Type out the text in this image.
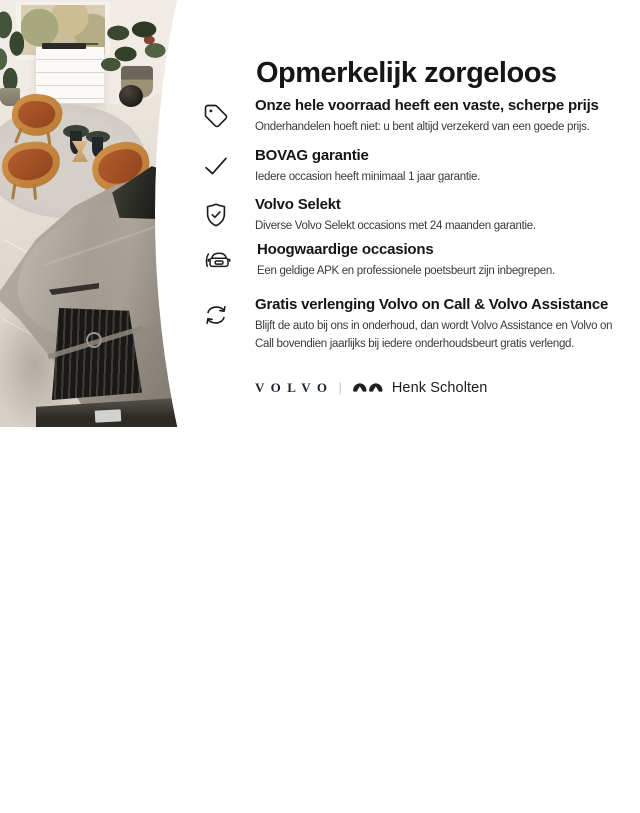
Opmerkelijk zorgeloos

Onze hele voorraad heeft een vaste, scherpe prijs

Onderhandelen hoeft niet: u bent altijd verzekerd van een goede prijs.

BOVAG garantie

Iedere occasion heeft minimaal 1 jaar garantie.

Volvo Selekt

Diverse Volvo Selekt occasions met 24 maanden garantie.

Hoogwaardige occasions

Een geldige APK en professionele poetsbeurt zijn inbegrepen.

Gratis verlenging Volvo on Call & Volvo Assistance

Blijft de auto bij ons in onderhoud, dan wordt Volvo Assistance en Volvo on Call bovendien jaarlijks bij iedere onderhoudsbeurt gratis verlengd.

VOLVO |	Henk Scholten
